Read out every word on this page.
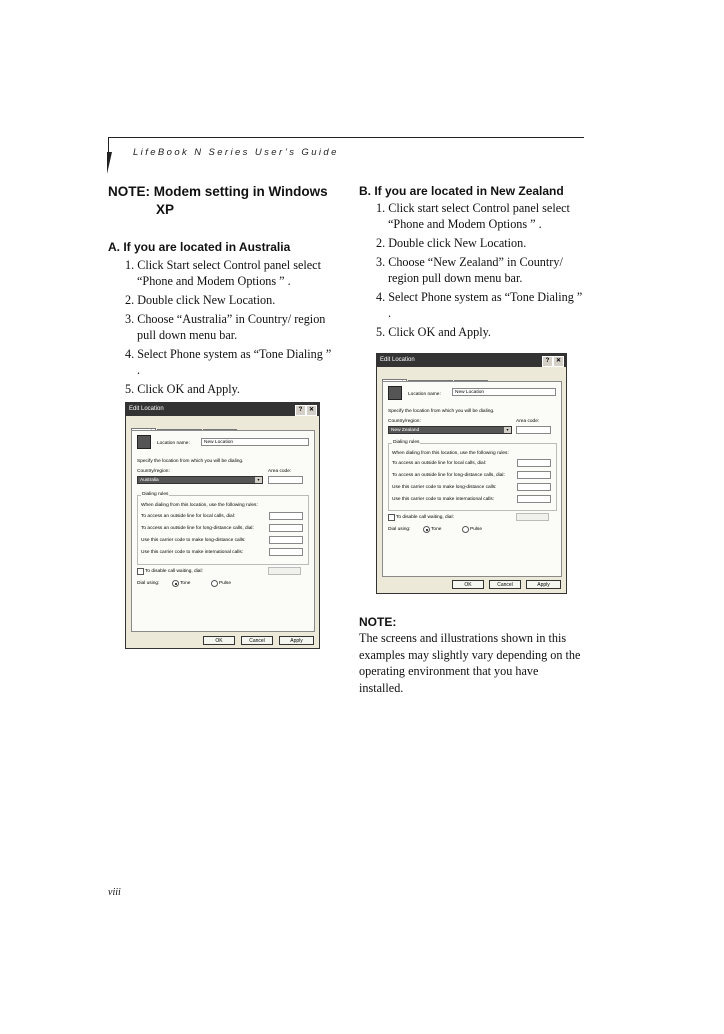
LifeBook N Series User’s Guide

NOTE: Modem setting in Windows
XP

A. If you are located in Australia

1. Click Start select Control panel select “Phone and Modem Options ” .
2. Double click New Location.
3. Choose “Australia” in Country/ region pull down menu bar.
4. Select Phone system as “Tone Dialing ” .
5. Click OK and Apply.

B. If you are located in New Zealand

1. Click start select Control panel select “Phone and Modem Options ” .
2. Double click New Location.
3. Choose “New Zealand” in Country/ region pull down menu bar.
4. Select Phone system as “Tone Dialing ” .
5. Click OK and Apply.

NOTE:

The screens and illustrations shown in this examples may slightly vary depending on the operating environment that you have installed.

Edit Location	?	✕
Location name:	New Location
Specify the location from which you will be dialing.
Country/region:	Area code:
Australia	▾
Dialing rules
When dialing from this location, use the following rules:
To access an outside line for local calls, dial:
To access an outside line for long-distance calls, dial:
Use this carrier code to make long-distance calls:
Use this carrier code to make international calls:
To disable call waiting, dial:
Dial using:	Tone	Pulse
OK	Cancel	Apply
Edit Location	?	✕
Location name:	New Location
Specify the location from which you will be dialing.
Country/region:	Area code:
New Zealand	▾
Dialing rules
When dialing from this location, use the following rules:
To access an outside line for local calls, dial:
To access an outside line for long-distance calls, dial:
Use this carrier code to make long-distance calls:
Use this carrier code to make international calls:
To disable call waiting, dial:
Dial using:	Tone	Pulse
OK	Cancel	Apply
viii
